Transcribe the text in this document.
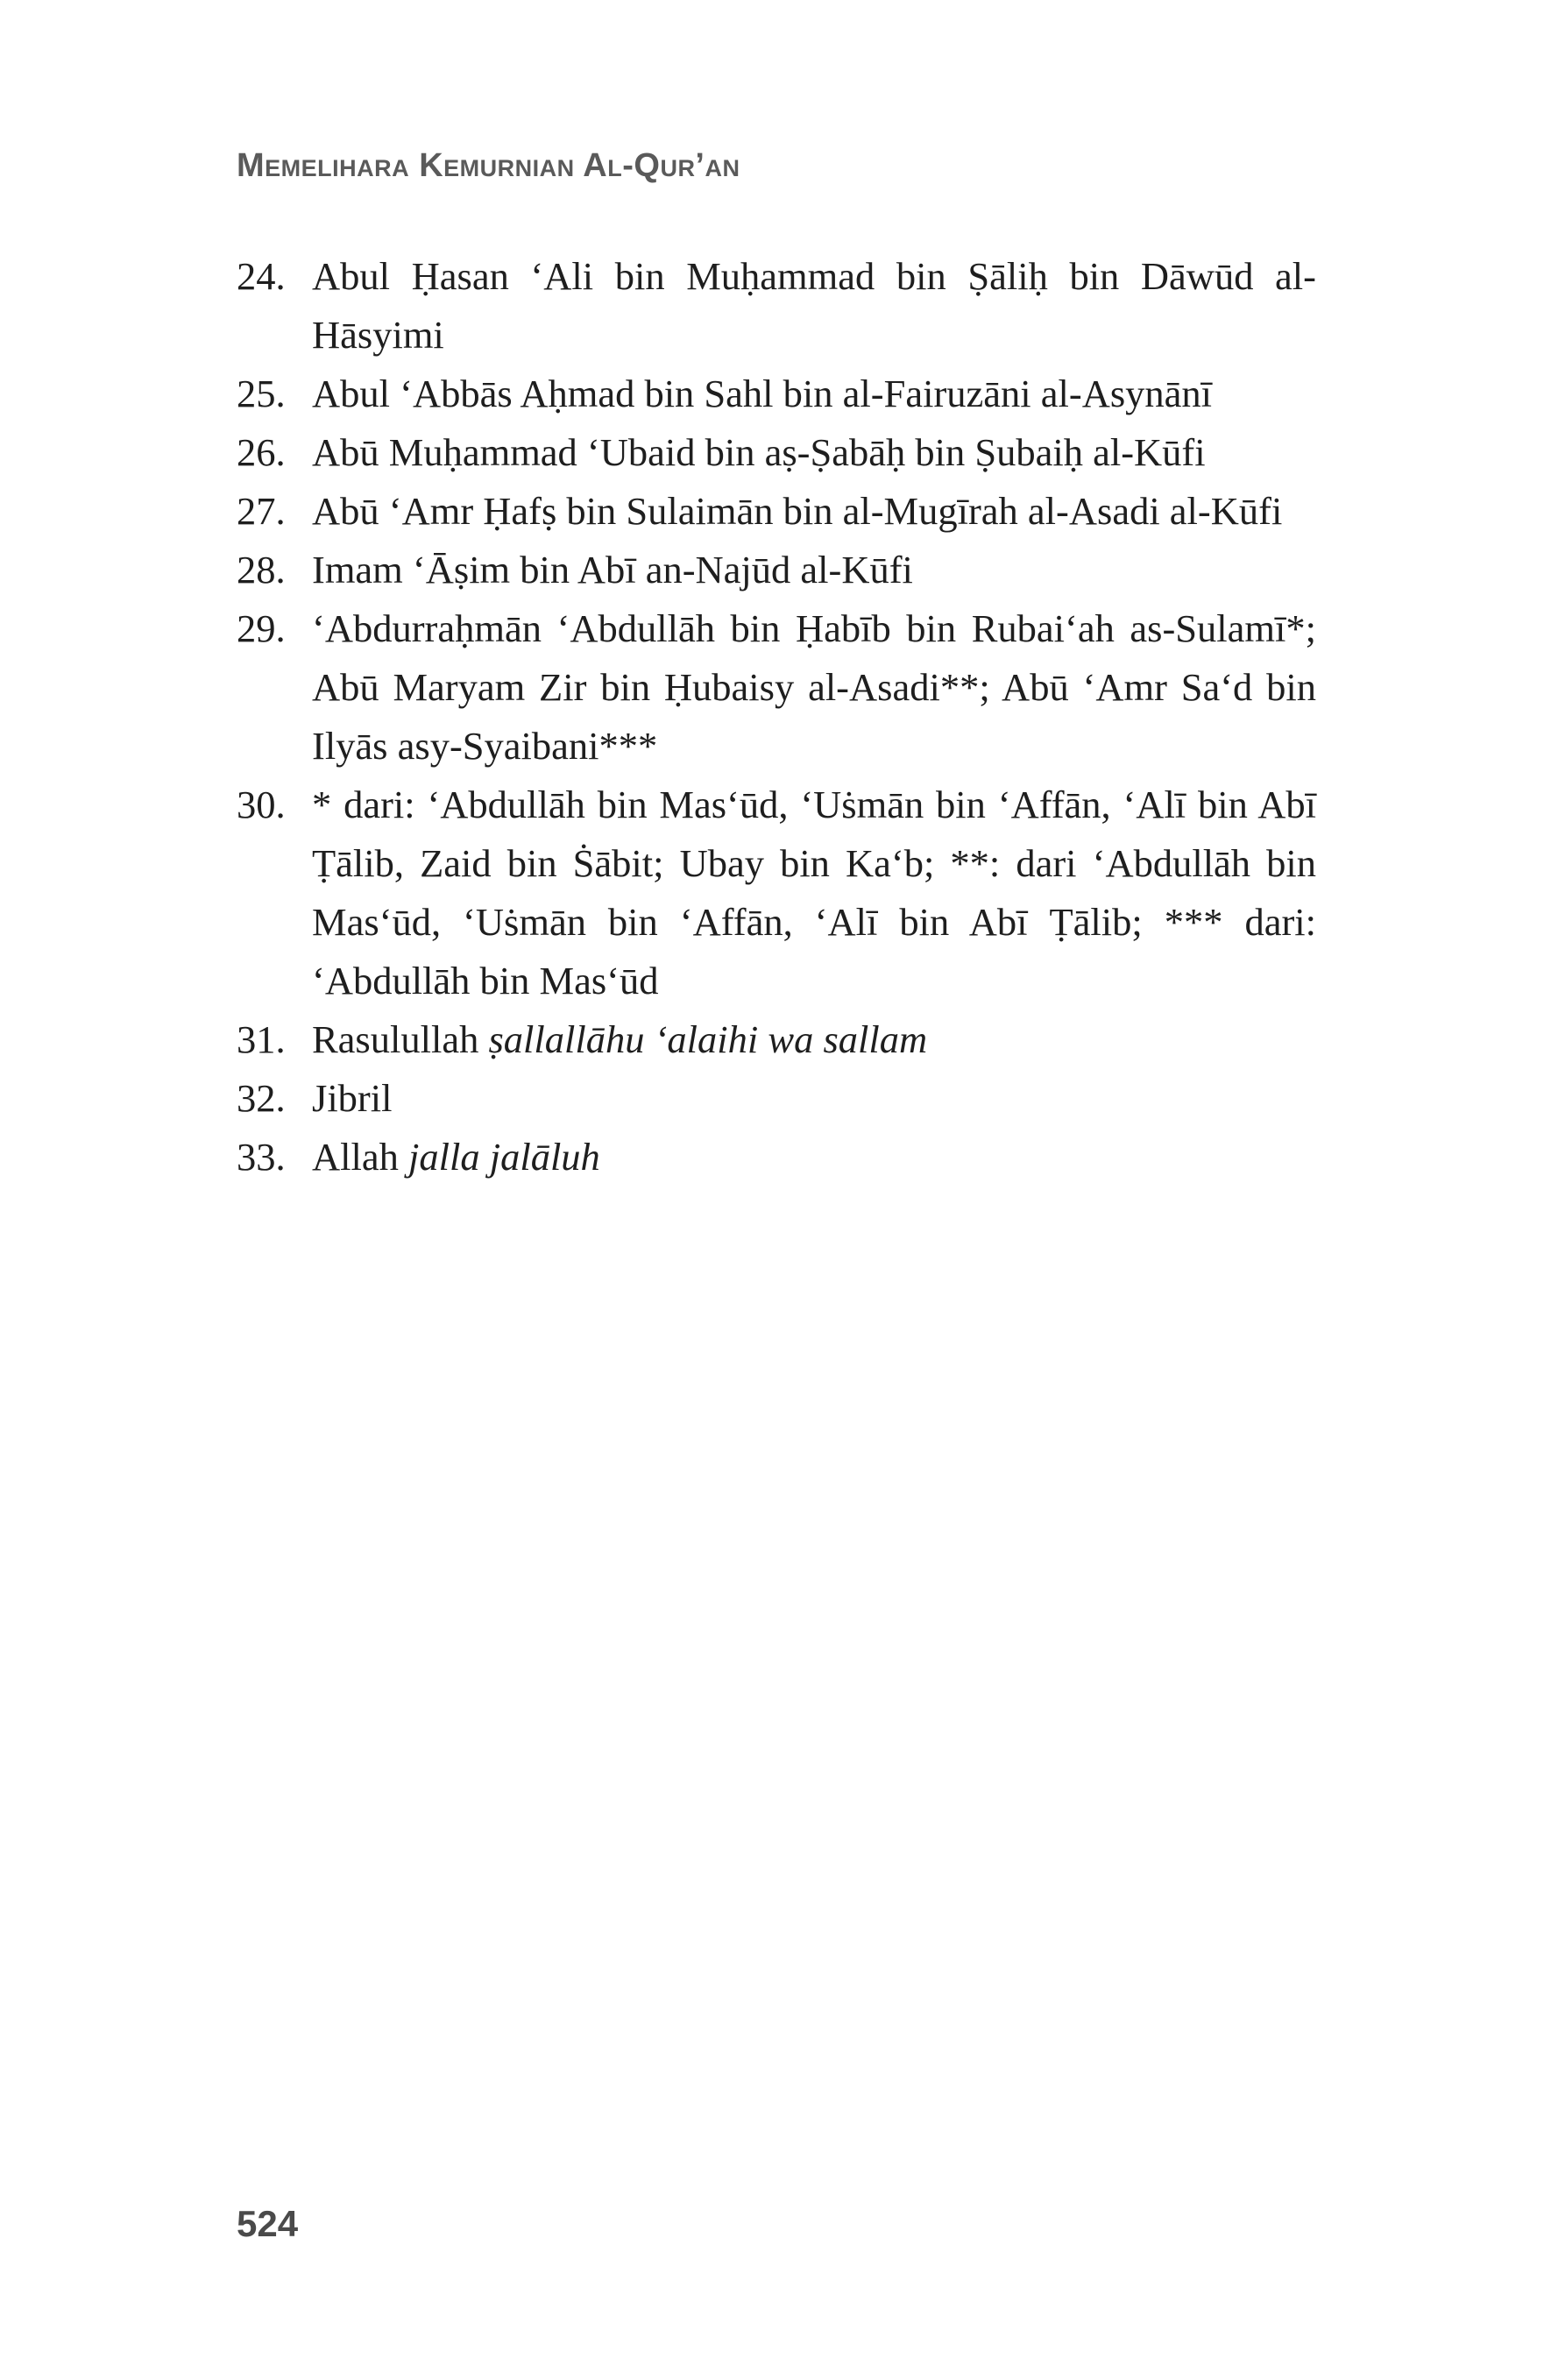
Memelihara Kemurnian Al-Qur’an
24. Abul Ḥasan ‘Ali bin Muḥammad bin Ṣāliḥ bin Dāwūd al-Hāsyimi
25. Abul ‘Abbās Aḥmad bin Sahl bin al-Fairuzāni al-Asynānī
26. Abū Muḥammad ‘Ubaid bin aṣ-Ṣabāḥ bin Ṣubaiḥ al-Kūfi
27. Abū ‘Amr Ḥafṣ bin Sulaimān bin al-Mugīrah al-Asadi al-Kūfi
28. Imam ‘Āṣim bin Abī an-Najūd al-Kūfi
29. ‘Abdurraḥmān ‘Abdullāh bin Ḥabīb bin Rubai‘ah as-Sulamī*; Abū Maryam Zir bin Ḥubaisy al-Asadi**; Abū ‘Amr Sa‘d bin Ilyās asy-Syaibani***
30. * dari: ‘Abdullāh bin Mas‘ūd, ‘Uṡmān bin ‘Affān, ‘Alī bin Abī Ṭālib, Zaid bin Ṡābit; Ubay bin Ka‘b; **: dari ‘Abdullāh bin Mas‘ūd, ‘Uṡmān bin ‘Affān, ‘Alī bin Abī Ṭālib; *** dari: ‘Abdullāh bin Mas‘ūd
31. Rasulullah ṣallallāhu ‘alaihi wa sallam
32. Jibril
33. Allah jalla jalāluh
524
